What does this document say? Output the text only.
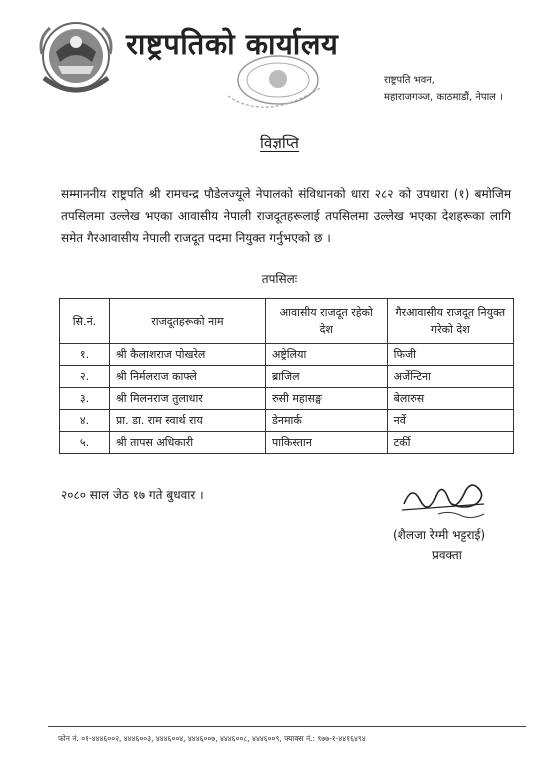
राष्ट्रपतिको कार्यालय
राष्ट्रपति भवन,
महाराजगञ्ज, काठमाडौं, नेपाल ।
विज्ञप्ति
सम्माननीय राष्ट्रपति श्री रामचन्द्र पौडेलज्यूले नेपालको संविधानको धारा २८२ को उपधारा (१) बमोजिम तपसिलमा उल्लेख भएका आवासीय नेपाली राजदूतहरूलाई तपसिलमा उल्लेख भएका देशहरूका लागि समेत गैरआवासीय नेपाली राजदूत पदमा नियुक्त गर्नुभएको छ ।
तपसिलः
सि.नं.	राजदूतहरूको नाम	आवासीय राजदूत रहेको देश	गैरआवासीय राजदूत नियुक्त गरेको देश
१.	श्री कैलाशराज पोखरेल	अष्ट्रेलिया	फिजी
२.	श्री निर्मलराज काफ्ले	ब्राजिल	अर्जेन्टिना
३.	श्री मिलनराज तुलाधार	रुसी महासङ्घ	बेलारुस
४.	प्रा. डा. राम स्वार्थ राय	डेनमार्क	नर्वे
५.	श्री तापस अधिकारी	पाकिस्तान	टर्की
२०८० साल जेठ १७ गते बुधवार ।
(शैलजा रेग्मी भट्टराई)
प्रवक्ता
फोन नं. ०१-४४४६००२, ४४४६००३, ४४४६००४, ४४४६००७, ४४४६००८, ४४४६००९, फ्याक्स नं.: ९७७-१-४४१६४९४
